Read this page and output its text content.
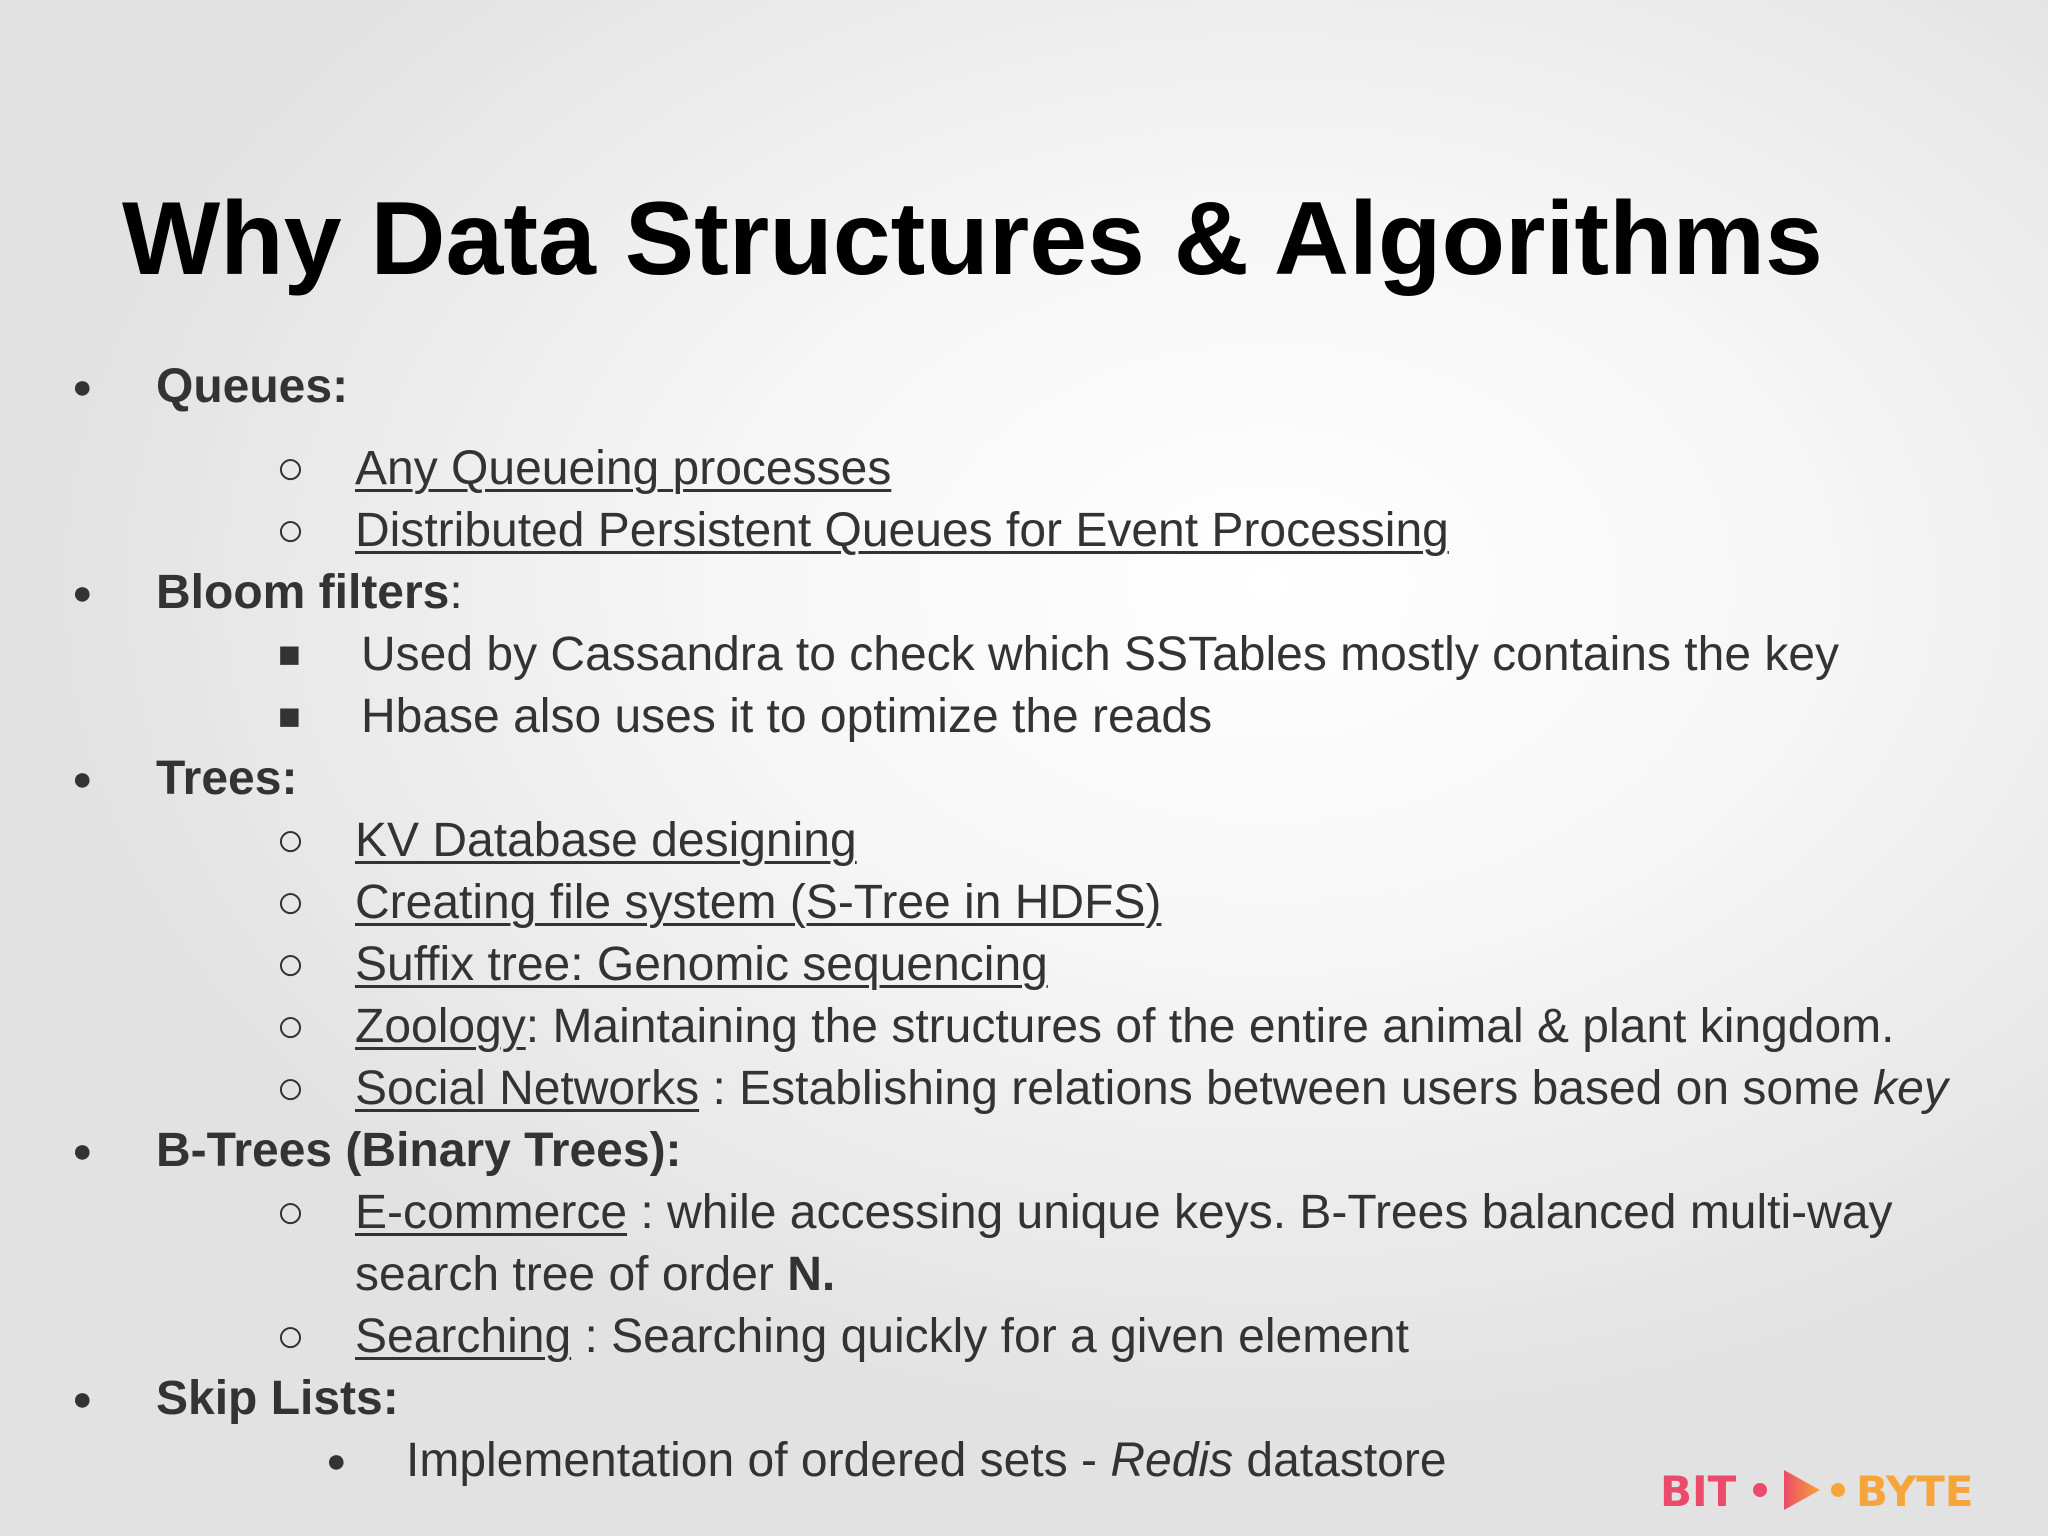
Why Data Structures & Algorithms
● Queues:
○ Any Queueing processes
○ Distributed Persistent Queues for Event Processing
● Bloom filters:
■ Used by Cassandra to check which SSTables mostly contains the key
■ Hbase also uses it to optimize the reads
● Trees:
○ KV Database designing
○ Creating file system (S-Tree in HDFS)
○ Suffix tree: Genomic sequencing
○ Zoology: Maintaining the structures of the entire animal & plant kingdom.
○ Social Networks : Establishing relations between users based on some key
● B-Trees (Binary Trees):
○ E-commerce : while accessing unique keys. B-Trees balanced multi-way
search tree of order N.
○ Searching : Searching quickly for a given element
● Skip Lists:
● Implementation of ordered sets - Redis datastore
BIT	BYTE
